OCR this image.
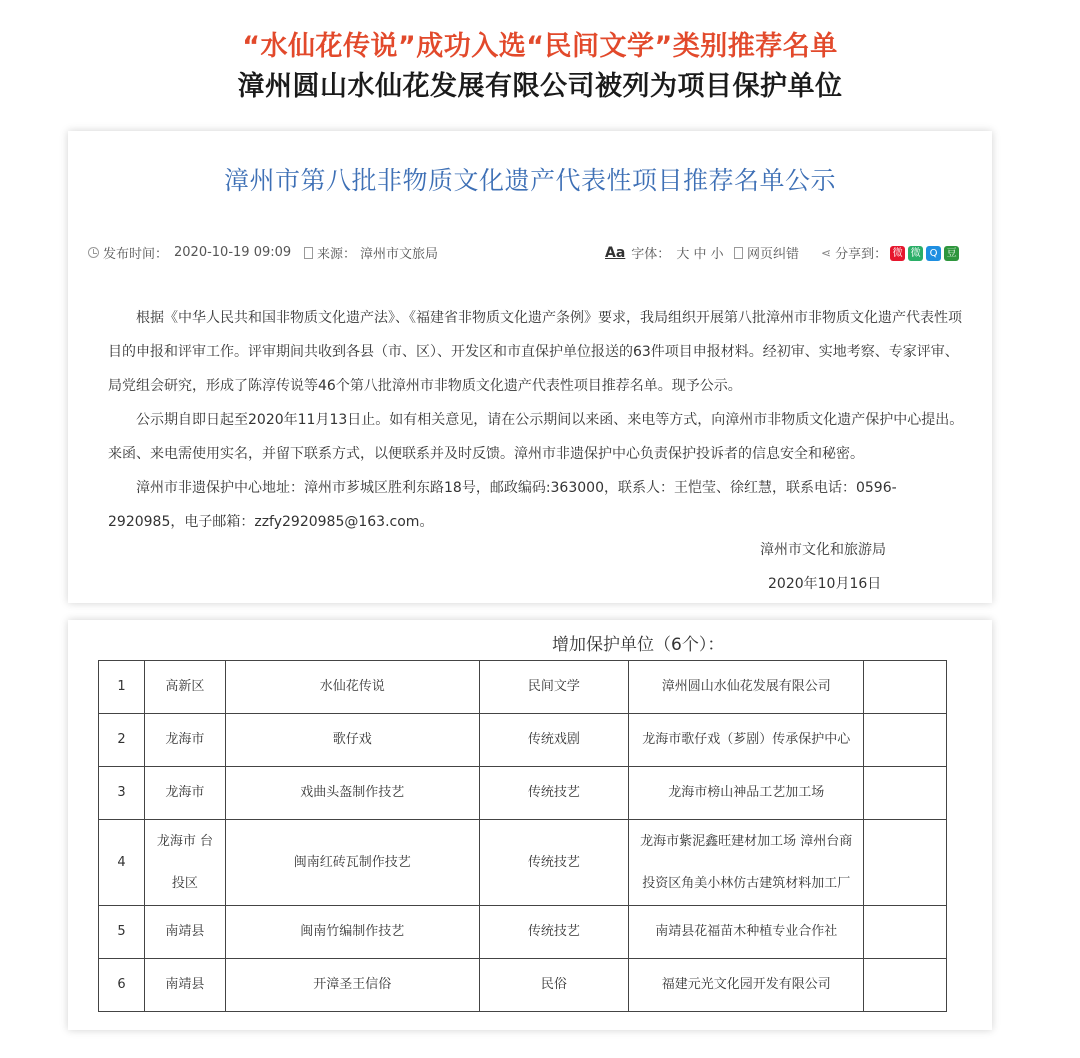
“水仙花传说”成功入选“民间文学”类别推荐名单
漳州圆山水仙花发展有限公司被列为项目保护单位
漳州市第八批非物质文化遗产代表性项目推荐名单公示
发布时间： 2020-10-19 09:09 来源： 漳州市文旅局	Aa 字体： 大 中 小 网页纠错 ⋖ 分享到： 微 微 Q 豆

根据《中华人民共和国非物质文化遗产法》、《福建省非物质文化遗产条例》要求，我局组织开展第八批漳州市非物质文化遗产代表性项目的申报和评审工作。评审期间共收到各县（市、区）、开发区和市直保护单位报送的63件项目申报材料。经初审、实地考察、专家评审、局党组会研究，形成了陈淳传说等46个第八批漳州市非物质文化遗产代表性项目推荐名单。现予公示。

公示期自即日起至2020年11月13日止。如有相关意见，请在公示期间以来函、来电等方式，向漳州市非物质文化遗产保护中心提出。来函、来电需使用实名，并留下联系方式，以便联系并及时反馈。漳州市非遗保护中心负责保护投诉者的信息安全和秘密。

漳州市非遗保护中心地址：漳州市芗城区胜利东路18号，邮政编码:363000，联系人：王恺莹、徐红慧，联系电话：0596-2920985，电子邮箱：zzfy2920985@163.com。

漳州市文化和旅游局
2020年10月16日
增加保护单位（6个）：
1	高新区	水仙花传说	民间文学	漳州圆山水仙花发展有限公司	
2	龙海市	歌仔戏	传统戏剧	龙海市歌仔戏（芗剧）传承保护中心	
3	龙海市	戏曲头盔制作技艺	传统技艺	龙海市榜山神品工艺加工场	
4	龙海市 台投区	闽南红砖瓦制作技艺	传统技艺	龙海市紫泥鑫旺建材加工场 漳州台商投资区角美小林仿古建筑材料加工厂	
5	南靖县	闽南竹编制作技艺	传统技艺	南靖县花福苗木种植专业合作社	
6	南靖县	开漳圣王信俗	民俗	福建元光文化园开发有限公司	
